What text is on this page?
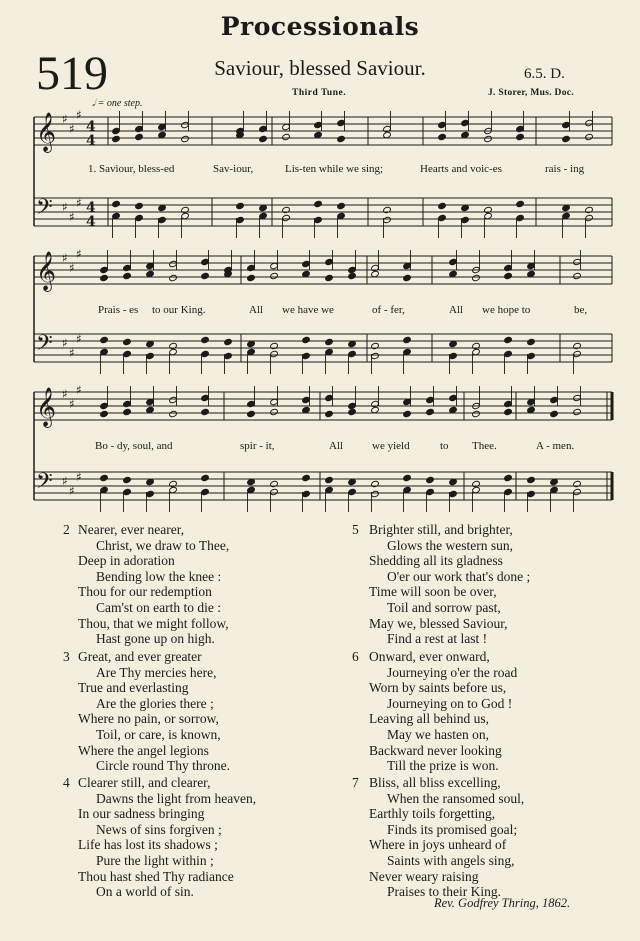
Processionals
519	Saviour, blessed Saviour.	6.5. D.
Third Tune.	J. Storer, Mus. Doc.
𝅗𝅥 = one step.
𝄞 ♯
♯
♯
4
4
𝄢 ♯
♯
♯ 4
4
𝄞 ♯
♯
♯
𝄢 ♯
♯
♯
𝄞 ♯
♯
♯
𝄢 ♯
♯
♯
1. Saviour, bless-ed	Sav-iour,	Lis-ten while we sing;	Hearts and voic-es	rais - ing
Prais - es to our King.	All we have we	of - fer,	All we hope to	be,
Bo - dy, soul, and	spir - it,	All	we yield	to Thee.	A - men.
2 Nearer, ever nearer,
Christ, we draw to Thee,
Deep in adoration
Bending low the knee :
Thou for our redemption
Cam'st on earth to die :
Thou, that we might follow,
Hast gone up on high.
3 Great, and ever greater
Are Thy mercies here,
True and everlasting
Are the glories there ;
Where no pain, or sorrow,
Toil, or care, is known,
Where the angel legions
Circle round Thy throne.
4 Clearer still, and clearer,
Dawns the light from heaven,
In our sadness bringing
News of sins forgiven ;
Life has lost its shadows ;
Pure the light within ;
Thou hast shed Thy radiance
On a world of sin.
5 Brighter still, and brighter,
Glows the western sun,
Shedding all its gladness
O'er our work that's done ;
Time will soon be over,
Toil and sorrow past,
May we, blessed Saviour,
Find a rest at last !
6 Onward, ever onward,
Journeying o'er the road
Worn by saints before us,
Journeying on to God !
Leaving all behind us,
May we hasten on,
Backward never looking
Till the prize is won.
7 Bliss, all bliss excelling,
When the ransomed soul,
Earthly toils forgetting,
Finds its promised goal;
Where in joys unheard of
Saints with angels sing,
Never weary raising
Praises to their King.
Rev. Godfrey Thring, 1862.
